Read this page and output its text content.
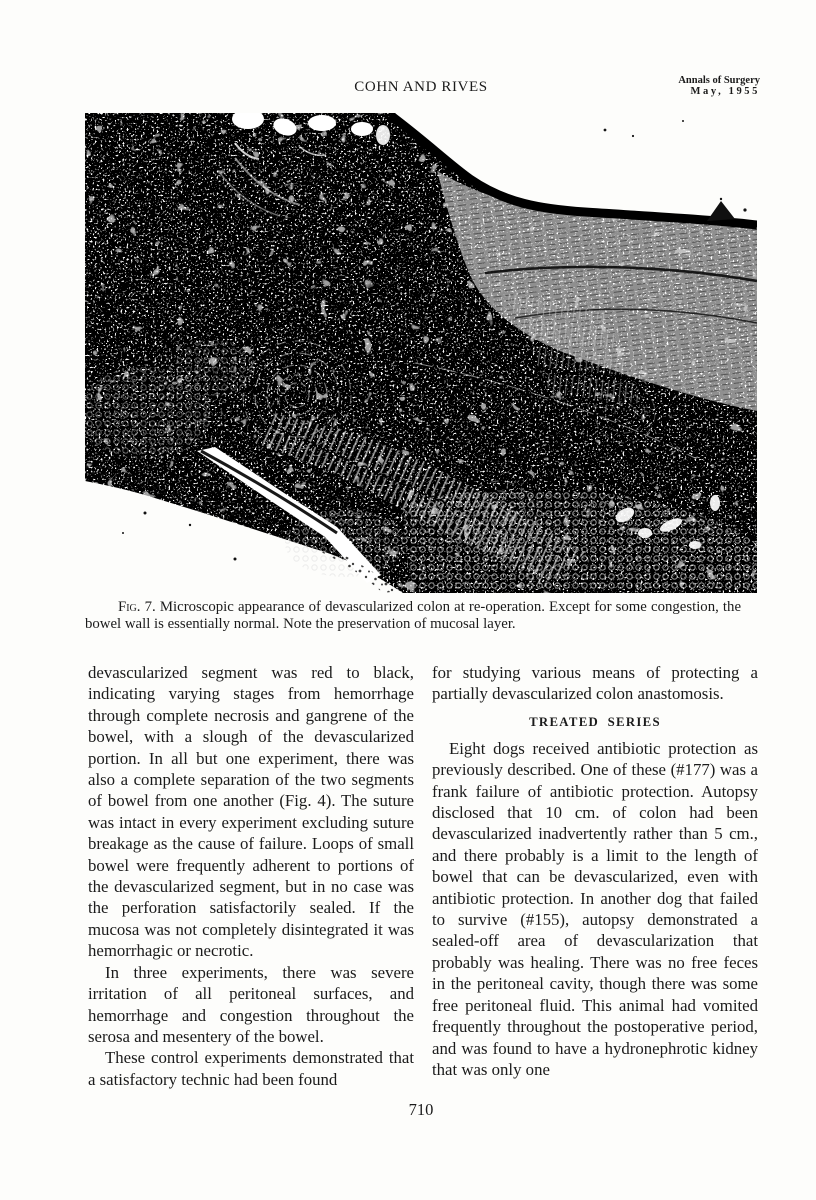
COHN AND RIVES	Annals of Surgery
May, 1955

Fig. 7. Microscopic appearance of devascularized colon at re-operation. Except for some congestion, the bowel wall is essentially normal. Note the preservation of mucosal layer.

devascularized segment was red to black, indicating varying stages from hemorrhage through complete necrosis and gangrene of the bowel, with a slough of the devascularized portion. In all but one experiment, there was also a complete separation of the two segments of bowel from one another (Fig. 4). The suture was intact in every experiment excluding suture breakage as the cause of failure. Loops of small bowel were frequently adherent to portions of the devascularized segment, but in no case was the perforation satisfactorily sealed. If the mucosa was not completely disintegrated it was hemorrhagic or necrotic.

In three experiments, there was severe irritation of all peritoneal surfaces, and hemorrhage and congestion throughout the serosa and mesentery of the bowel.

These control experiments demonstrated that a satisfactory technic had been found

for studying various means of protecting a partially devascularized colon anastomosis.

TREATED SERIES

Eight dogs received antibiotic protection as previously described. One of these (#177) was a frank failure of antibiotic protection. Autopsy disclosed that 10 cm. of colon had been devascularized inadvertently rather than 5 cm., and there probably is a limit to the length of bowel that can be devascularized, even with antibiotic protection. In another dog that failed to survive (#155), autopsy demonstrated a sealed-off area of devascularization that probably was healing. There was no free feces in the peritoneal cavity, though there was some free peritoneal fluid. This animal had vomited frequently throughout the postoperative period, and was found to have a hydronephrotic kidney that was only one

710
